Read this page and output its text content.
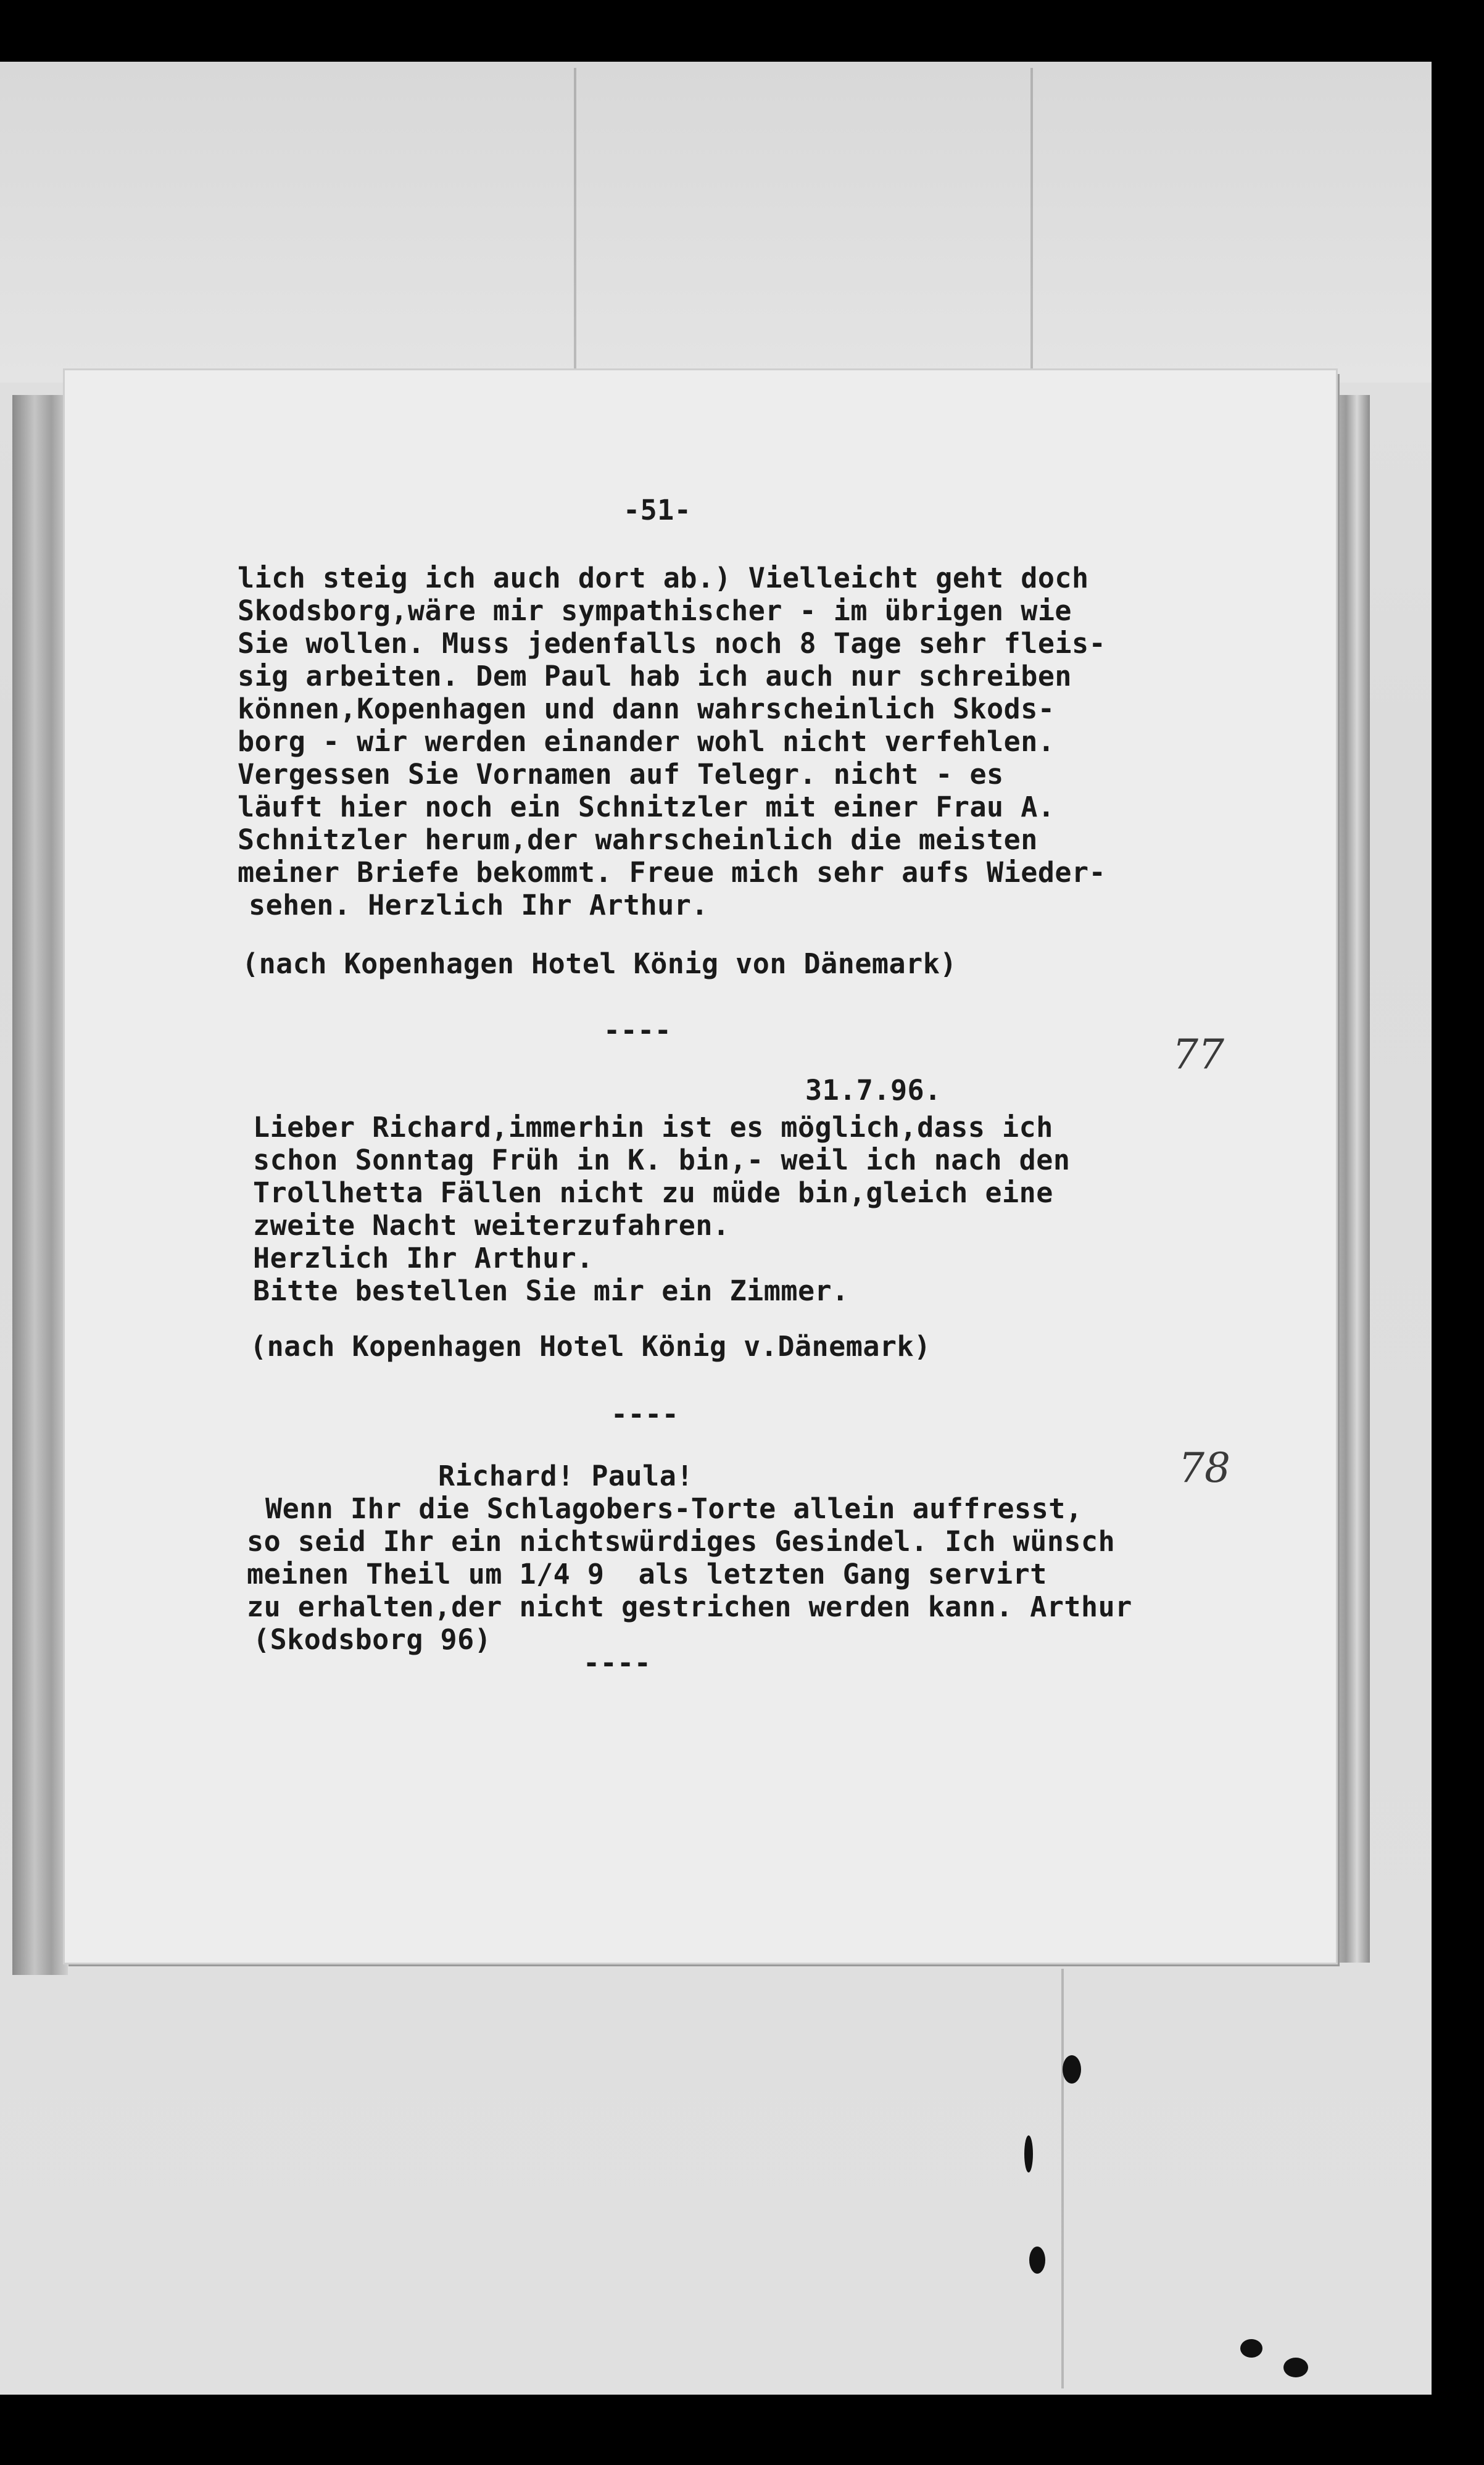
-51-

lich steig ich auch dort ab.) Vielleicht geht doch
Skodsborg,wäre mir sympathischer - im übrigen wie
Sie wollen. Muss jedenfalls noch 8 Tage sehr fleis-
sig arbeiten. Dem Paul hab ich auch nur schreiben
können,Kopenhagen und dann wahrscheinlich Skods-
borg - wir werden einander wohl nicht verfehlen.
Vergessen Sie Vornamen auf Telegr. nicht - es
läuft hier noch ein Schnitzler mit einer Frau A.
Schnitzler herum,der wahrscheinlich die meisten
meiner Briefe bekommt. Freue mich sehr aufs Wieder-
sehen. Herzlich Ihr Arthur.

(nach Kopenhagen Hotel König von Dänemark)

----

77

31.7.96.

Lieber Richard,immerhin ist es möglich,dass ich
schon Sonntag Früh in K. bin,- weil ich nach den
Trollhetta Fällen nicht zu müde bin,gleich eine
zweite Nacht weiterzufahren.
Herzlich Ihr Arthur.
Bitte bestellen Sie mir ein Zimmer.

(nach Kopenhagen Hotel König v.Dänemark)

----

Richard! Paula!	78
Wenn Ihr die Schlagobers-Torte allein auffresst,
so seid Ihr ein nichtswürdiges Gesindel. Ich wünsch
meinen Theil um 1/4 9  als letzten Gang servirt
zu erhalten,der nicht gestrichen werden kann. Arthur
(Skodsborg 96)

----
